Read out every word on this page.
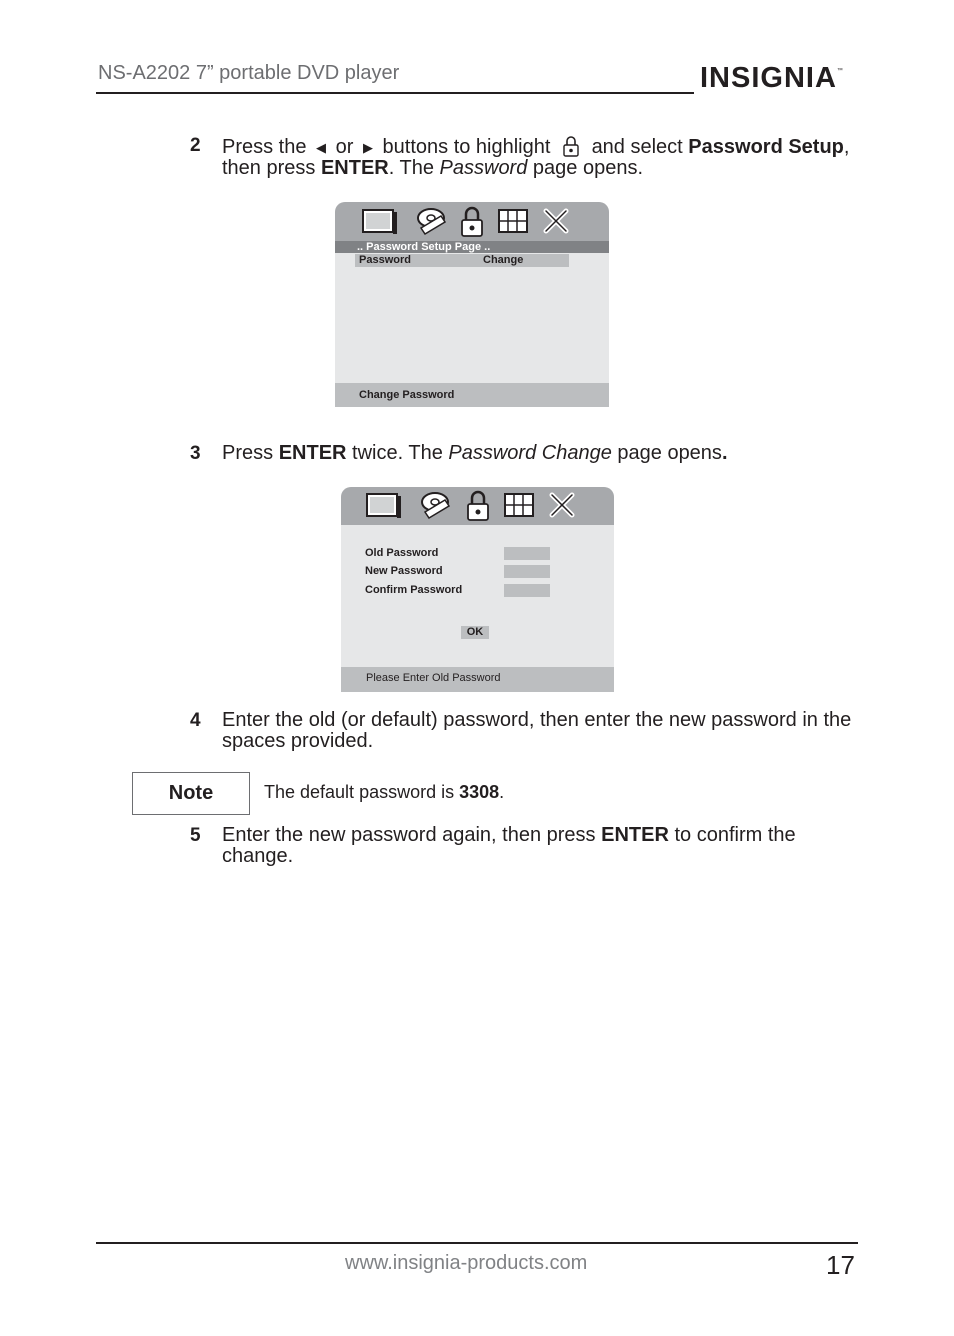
NS-A2202 7” portable DVD player	INSIGNIA™
2 Press the ◀ or ▶ buttons to highlight and select Password Setup, then press ENTER. The Password page opens.
.. Password Setup Page ..
Password	Change
Change Password
3 Press ENTER twice. The Password Change page opens.
Old Password
New Password
Confirm Password
OK
Please Enter Old Password
4 Enter the old (or default) password, then enter the new password in the spaces provided.
Note	The default password is 3308.
5 Enter the new password again, then press ENTER to confirm the change.
www.insignia-products.com	17
